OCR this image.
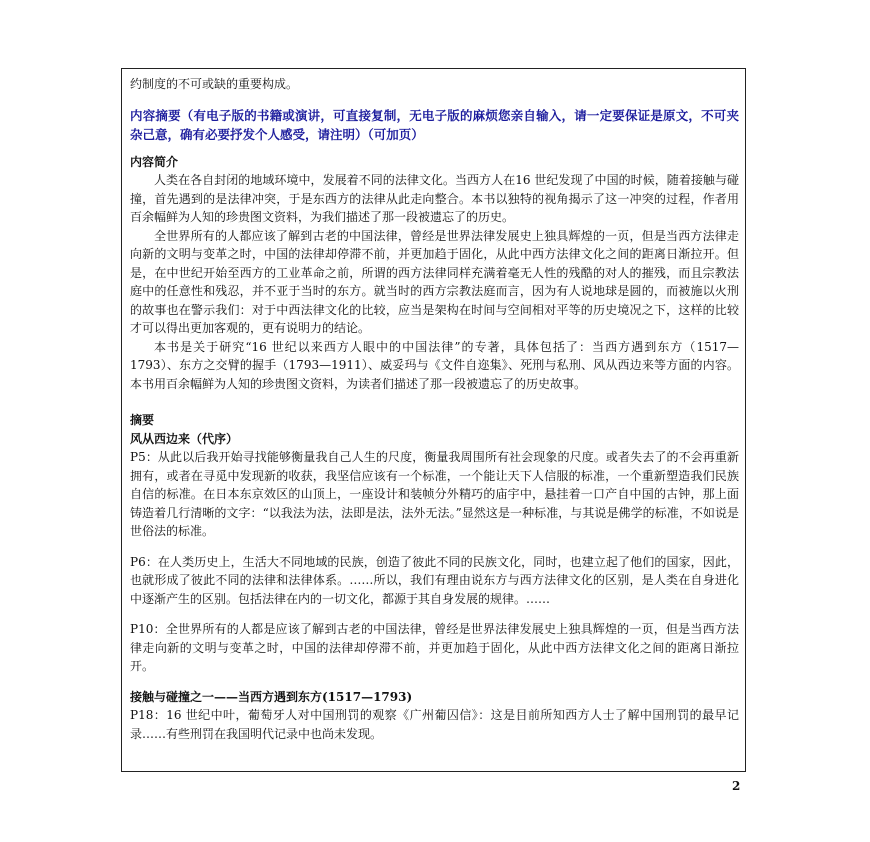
约制度的不可或缺的重要构成。

内容摘要（有电子版的书籍或演讲，可直接复制，无电子版的麻烦您亲自输入，请一定要保证是原文，不可夹杂己意，确有必要抒发个人感受，请注明）（可加页）

内容简介

人类在各自封闭的地域环境中，发展着不同的法律文化。当西方人在16 世纪发现了中国的时候，随着接触与碰撞，首先遇到的是法律冲突，于是东西方的法律从此走向整合。本书以独特的视角揭示了这一冲突的过程，作者用百余幅鲜为人知的珍贵图文资料，为我们描述了那一段被遗忘了的历史。

全世界所有的人都应该了解到古老的中国法律，曾经是世界法律发展史上独具辉煌的一页，但是当西方法律走向新的文明与变革之时，中国的法律却停滞不前，并更加趋于固化，从此中西方法律文化之间的距离日渐拉开。但是，在中世纪开始至西方的工业革命之前，所谓的西方法律同样充满着毫无人性的残酷的对人的摧残，而且宗教法庭中的任意性和残忍，并不亚于当时的东方。就当时的西方宗教法庭而言，因为有人说地球是圆的，而被施以火刑的故事也在警示我们：对于中西法律文化的比较，应当是架构在时间与空间相对平等的历史境况之下，这样的比较才可以得出更加客观的，更有说明力的结论。

本书是关于研究“16 世纪以来西方人眼中的中国法律”的专著，具体包括了：当西方遇到东方（1517—1793）、东方之交臂的握手（1793—1911）、威妥玛与《文件自迩集》、死刑与私刑、风从西边来等方面的内容。 本书用百余幅鲜为人知的珍贵图文资料，为读者们描述了那一段被遗忘了的历史故事。

摘要

风从西边来（代序）

P5：从此以后我开始寻找能够衡量我自己人生的尺度，衡量我周围所有社会现象的尺度。或者失去了的不会再重新拥有，或者在寻觅中发现新的收获，我坚信应该有一个标准，一个能让天下人信服的标准，一个重新塑造我们民族自信的标准。在日本东京效区的山顶上，一座设计和装帧分外精巧的庙宇中，悬挂着一口产自中国的古钟，那上面铸造着几行清晰的文字：“以我法为法，法即是法，法外无法。”显然这是一种标准，与其说是佛学的标准，不如说是世俗法的标准。

P6：在人类历史上，生活大不同地域的民族，创造了彼此不同的民族文化，同时，也建立起了他们的国家，因此，也就形成了彼此不同的法律和法律体系。……所以，我们有理由说东方与西方法律文化的区别，是人类在自身进化中逐渐产生的区别。包括法律在内的一切文化，都源于其自身发展的规律。……

P10：全世界所有的人都是应该了解到古老的中国法律，曾经是世界法律发展史上独具辉煌的一页，但是当西方法律走向新的文明与变革之时，中国的法律却停滞不前，并更加趋于固化，从此中西方法律文化之间的距离日渐拉开。

接触与碰撞之一——当西方遇到东方(1517—1793)

P18：16 世纪中叶，葡萄牙人对中国刑罚的观察《广州葡囚信》：这是目前所知西方人士了解中国刑罚的最早记录……有些刑罚在我国明代记录中也尚未发现。

2
